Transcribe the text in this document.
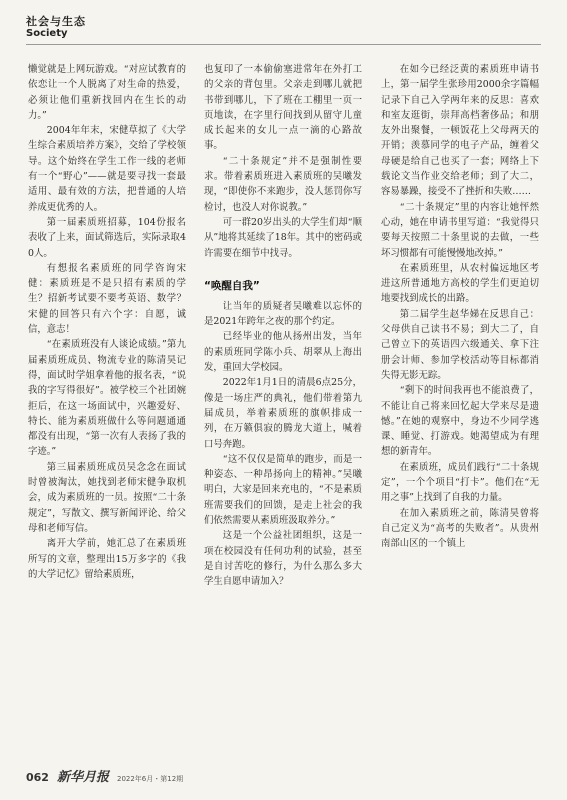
社会与生态
Society

懒觉就是上网玩游戏。“对应试教育的依恋让一个人脱离了对生命的热爱，必须让他们重新找回内在生长的动力。”

2004年年末，宋健草拟了《大学生综合素质培养方案》，交给了学校领导。这个始终在学生工作一线的老师有一个“野心”——就是要寻找一套最适用、最有效的方法，把普通的人培养成更优秀的人。

第一届素质班招募，104份报名表收了上来，面试筛选后，实际录取40人。

有想报名素质班的同学咨询宋健：素质班是不是只招有素质的学生？招新考试要不要考英语、数学？宋健的回答只有六个字：自愿，诚信，意志！

“在素质班没有人谈论成绩。”第九届素质班成员、物流专业的陈清昊记得，面试时学姐拿着他的报名表，“说我的字写得很好”。被学校三个社团婉拒后，在这一场面试中，兴趣爱好、特长、能为素质班做什么等问题通通都没有出现，“第一次有人表扬了我的字迹。”

第三届素质班成员吴念念在面试时曾被淘汰，她找到老师宋健争取机会，成为素质班的一员。按照“二十条规定”，写散文、撰写新闻评论、给父母和老师写信。

离开大学前，她汇总了在素质班所写的文章，整理出15万多字的《我的大学记忆》留给素质班，

也复印了一本偷偷塞进常年在外打工的父亲的背包里。父亲走到哪儿就把书带到哪儿，下了班在工棚里一页一页地读，在字里行间找到从留守儿童成长起来的女儿一点一滴的心路故事。

“二十条规定”并不是强制性要求。带着素质班进入素质班的吴曦发现，“即使你不来跑步，没人惩罚你写检讨，也没人对你说教。”

可一群20岁出头的大学生们却“顺从”地将其延续了18年。其中的密码或许需要在细节中找寻。

“唤醒自我”

让当年的质疑者吴曦难以忘怀的是2021年跨年之夜的那个约定。

已经毕业的他从扬州出发，当年的素质班同学陈小兵、胡翠从上海出发，重回大学校园。

2022年1月1日的清晨6点25分，像是一场庄严的典礼，他们带着第九届成员，举着素质班的旗帜排成一列，在万籁俱寂的腾龙大道上，喊着口号奔跑。

“这不仅仅是简单的跑步，而是一种姿态、一种昂扬向上的精神。”吴曦明白，大家是回来充电的，“不是素质班需要我们的回馈，是走上社会的我们依然需要从素质班汲取养分。”

这是一个公益社团组织，这是一项在校园没有任何功利的试验，甚至是自讨苦吃的修行，为什么那么多大学生自愿申请加入？

在如今已经泛黄的素质班申请书上，第一届学生张珍用2000余字篇幅记录下自己入学两年来的反思：喜欢和室友逛街，崇拜高档奢侈品；和朋友外出聚餐，一顿饭花上父母两天的开销；羡慕同学的电子产品，缠着父母硬是给自己也买了一套；网络上下载论文当作业交给老师；到了大二，容易暴躁，接受不了挫折和失败……

“二十条规定”里的内容让她怦然心动，她在申请书里写道：“我觉得只要每天按照二十条里说的去做，一些坏习惯都有可能慢慢地改掉。”

在素质班里，从农村偏远地区考进这所普通地方高校的学生们更迫切地要找到成长的出路。

第二届学生赵华娣在反思自己：父母供自己读书不易；到大二了，自己曾立下的英语四六级通关、拿下注册会计师、参加学校活动等目标都消失得无影无踪。

“剩下的时间我再也不能浪费了，不能让自己将来回忆起大学来尽是遗憾。”在她的观察中，身边不少同学逃课、睡觉、打游戏。她渴望成为有理想的新青年。

在素质班，成员们践行“二十条规定”，一个个项目“打卡”。他们在“无用之事”上找到了自我的力量。

在加入素质班之前，陈清昊曾将自己定义为“高考的失败者”。从贵州南部山区的一个镇上

062 新华月报 2022年6月・第12期
